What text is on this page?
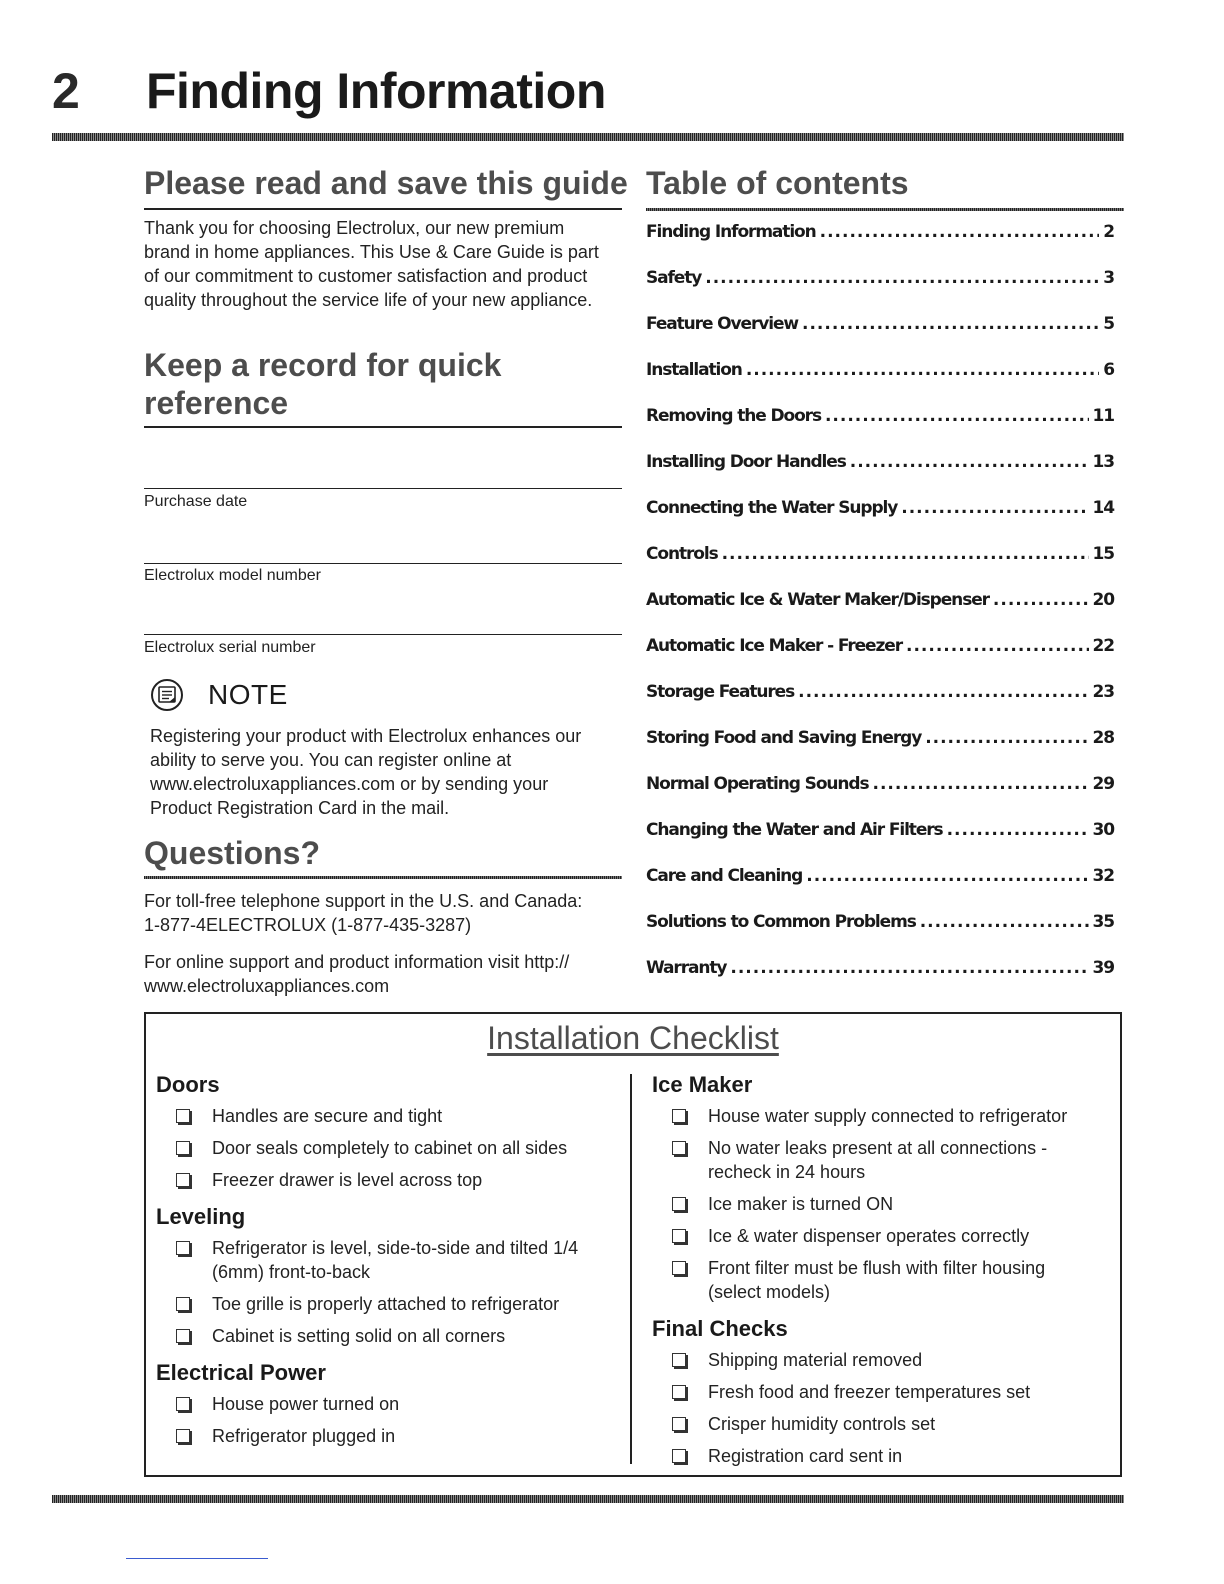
2 Finding Information
Please read and save this guide
Thank you for choosing Electrolux, our new premium brand in home appliances. This Use & Care Guide is part of our commitment to customer satisfaction and product quality throughout the service life of your new appliance.
Keep a record for quick
reference
Purchase date
Electrolux model number
Electrolux serial number
NOTE
Registering your product with Electrolux enhances our ability to serve you. You can register online at www.electroluxappliances.com or by sending your Product Registration Card in the mail.
Questions?
For toll-free telephone support in the U.S. and Canada:
1-877-4ELECTROLUX (1-877-435-3287)
For online support and product information visit http://
www.electroluxappliances.com
Table of contents
Finding Information .....	2
Safety .....	3
Feature Overview .....	5
Installation .....	6
Removing the Doors .....	11
Installing Door Handles .....	13
Connecting the Water Supply .....	14
Controls .....	15
Automatic Ice & Water Maker/Dispenser .....	20
Automatic Ice Maker - Freezer .....	22
Storage Features .....	23
Storing Food and Saving Energy .....	28
Normal Operating Sounds .....	29
Changing the Water and Air Filters .....	30
Care and Cleaning .....	32
Solutions to Common Problems .....	35
Warranty .....	39
Installation Checklist
Doors
Handles are secure and tight
Door seals completely to cabinet on all sides
Freezer drawer is level across top
Leveling
Refrigerator is level, side-to-side and tilted 1/4 (6mm) front-to-back
Toe grille is properly attached to refrigerator
Cabinet is setting solid on all corners
Electrical Power
House power turned on
Refrigerator plugged in
Ice Maker
House water supply connected to refrigerator
No water leaks present at all connections - recheck in 24 hours
Ice maker is turned ON
Ice & water dispenser operates correctly
Front filter must be flush with filter housing (select models)
Final Checks
Shipping material removed
Fresh food and freezer temperatures set
Crisper humidity controls set
Registration card sent in
